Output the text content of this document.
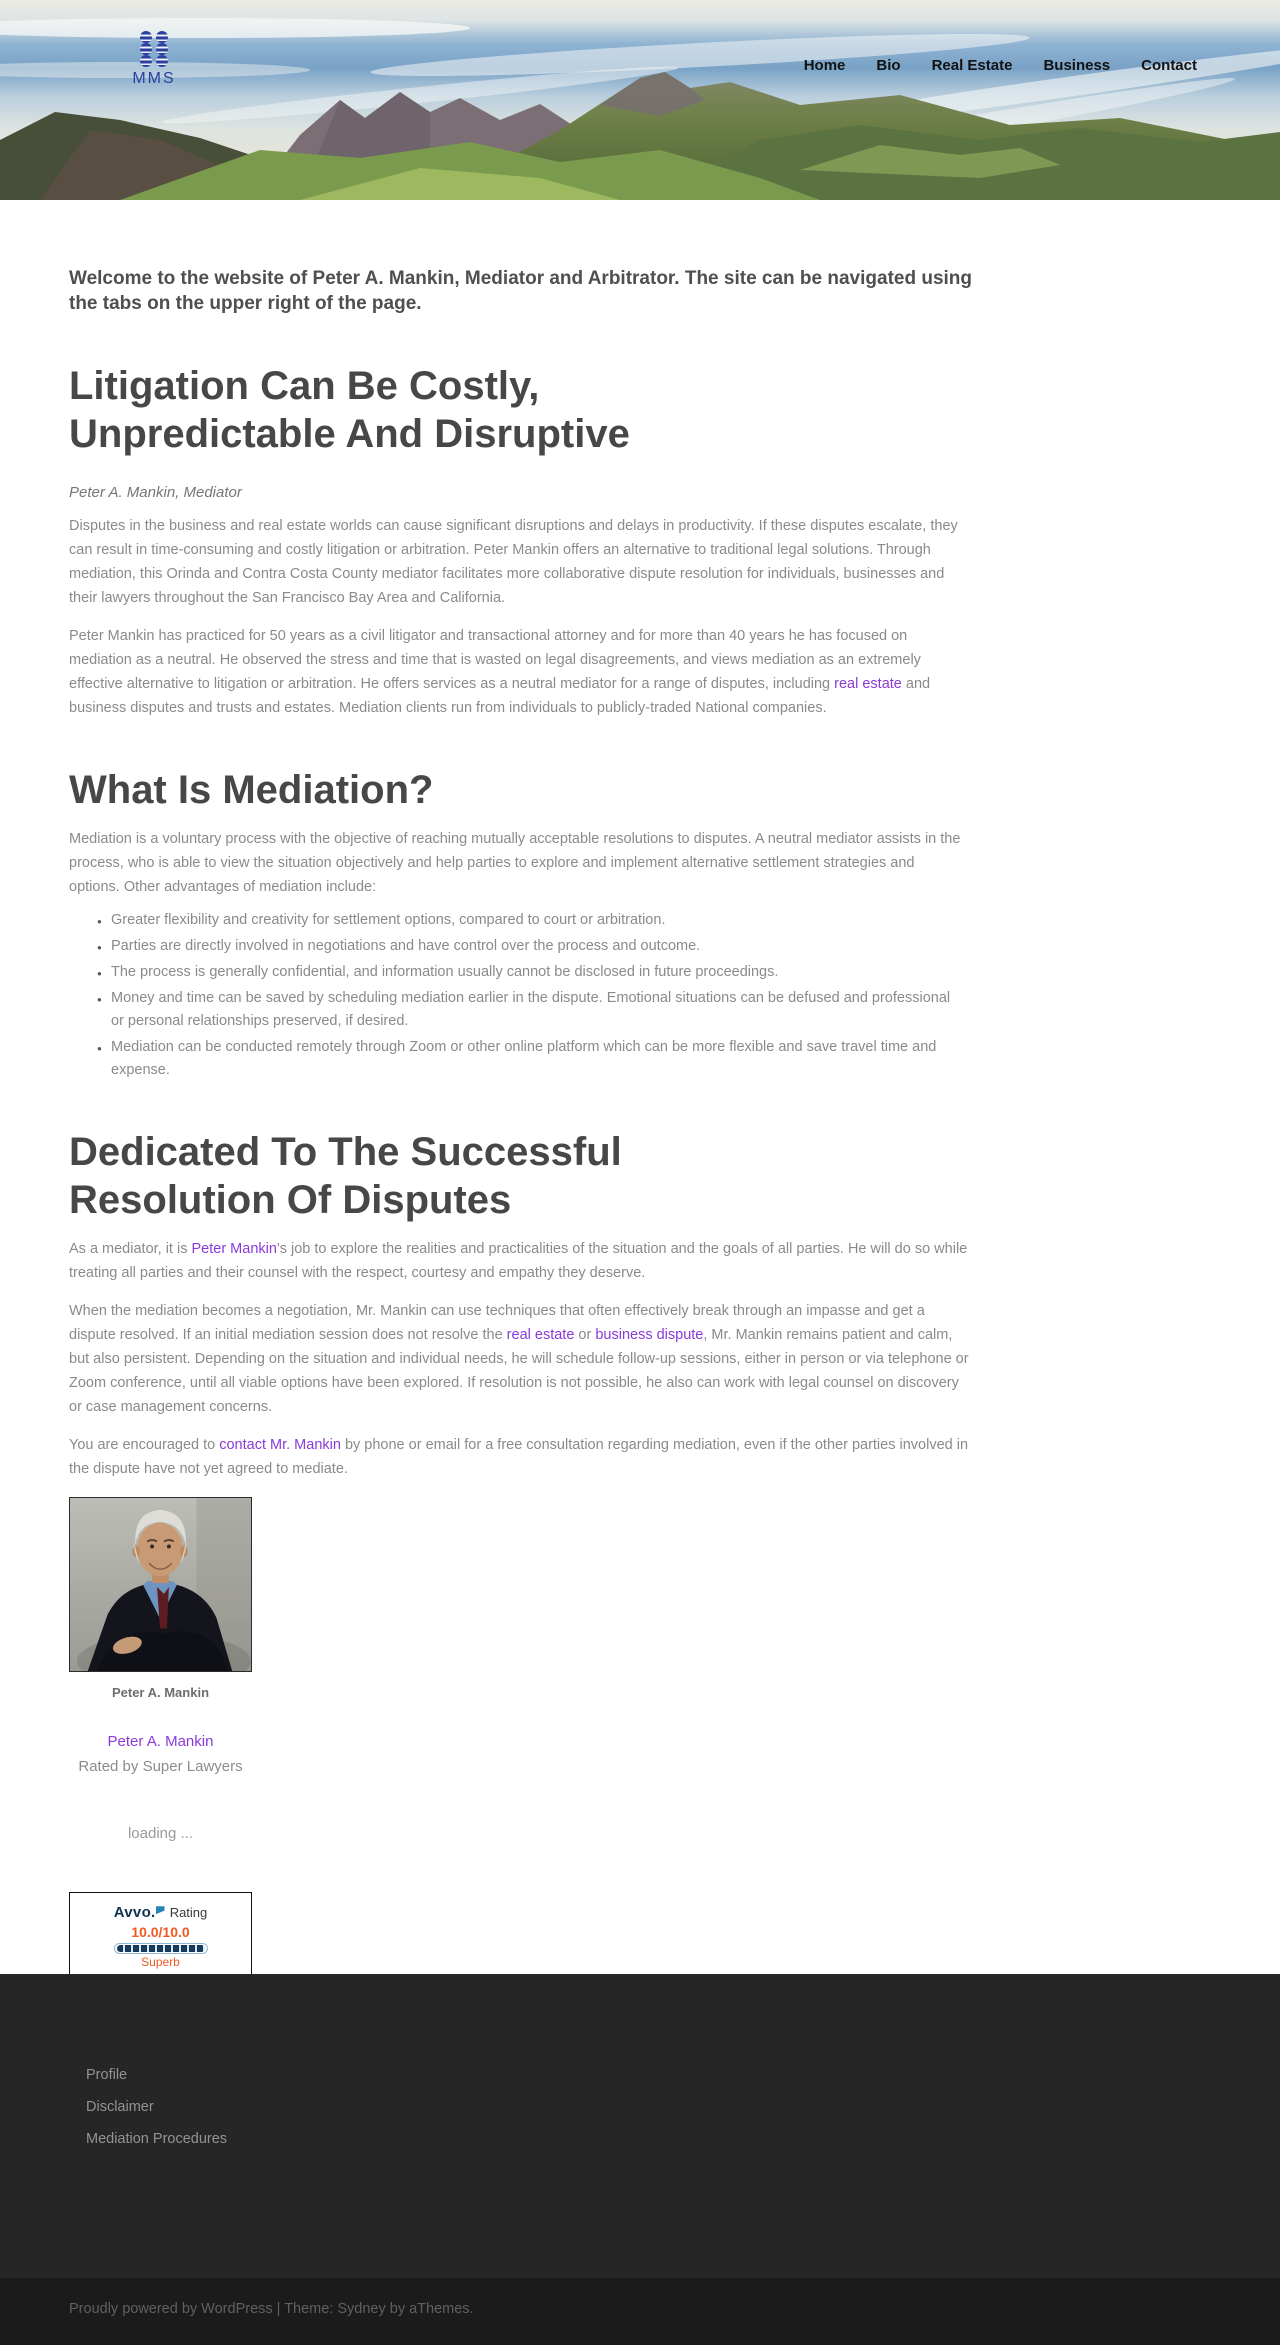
MMS
Home Bio Real Estate Business Contact

Welcome to the website of Peter A. Mankin, Mediator and Arbitrator. The site can be navigated using the tabs on the upper right of the page.

Litigation Can Be Costly, Unpredictable And Disruptive
Peter A. Mankin, Mediator

Disputes in the business and real estate worlds can cause significant disruptions and delays in productivity. If these disputes escalate, they can result in time-consuming and costly litigation or arbitration. Peter Mankin offers an alternative to traditional legal solutions. Through mediation, this Orinda and Contra Costa County mediator facilitates more collaborative dispute resolution for individuals, businesses and their lawyers throughout the San Francisco Bay Area and California.

Peter Mankin has practiced for 50 years as a civil litigator and transactional attorney and for more than 40 years he has focused on mediation as a neutral. He observed the stress and time that is wasted on legal disagreements, and views mediation as an extremely effective alternative to litigation or arbitration. He offers services as a neutral mediator for a range of disputes, including real estate and business disputes and trusts and estates. Mediation clients run from individuals to publicly-traded National companies.

What Is Mediation?

Mediation is a voluntary process with the objective of reaching mutually acceptable resolutions to disputes. A neutral mediator assists in the process, who is able to view the situation objectively and help parties to explore and implement alternative settlement strategies and options. Other advantages of mediation include:

● Greater flexibility and creativity for settlement options, compared to court or arbitration.
● Parties are directly involved in negotiations and have control over the process and outcome.
● The process is generally confidential, and information usually cannot be disclosed in future proceedings.
● Money and time can be saved by scheduling mediation earlier in the dispute. Emotional situations can be defused and professional or personal relationships preserved, if desired.
● Mediation can be conducted remotely through Zoom or other online platform which can be more flexible and save travel time and expense.
Dedicated To The Successful Resolution Of Disputes

As a mediator, it is Peter Mankin's job to explore the realities and practicalities of the situation and the goals of all parties. He will do so while treating all parties and their counsel with the respect, courtesy and empathy they deserve.

When the mediation becomes a negotiation, Mr. Mankin can use techniques that often effectively break through an impasse and get a dispute resolved. If an initial mediation session does not resolve the real estate or business dispute, Mr. Mankin remains patient and calm, but also persistent. Depending on the situation and individual needs, he will schedule follow-up sessions, either in person or via telephone or Zoom conference, until all viable options have been explored. If resolution is not possible, he also can work with legal counsel on discovery or case management concerns.

You are encouraged to contact Mr. Mankin by phone or email for a free consultation regarding mediation, even if the other parties involved in the dispute have not yet agreed to mediate.

Peter A. Mankin
Peter A. Mankin
Rated by Super Lawyers
loading ...
Avvo. Rating
10.0/10.0
Superb
Profile
Disclaimer
Mediation Procedures
Proudly powered by WordPress | Theme: Sydney by aThemes.
